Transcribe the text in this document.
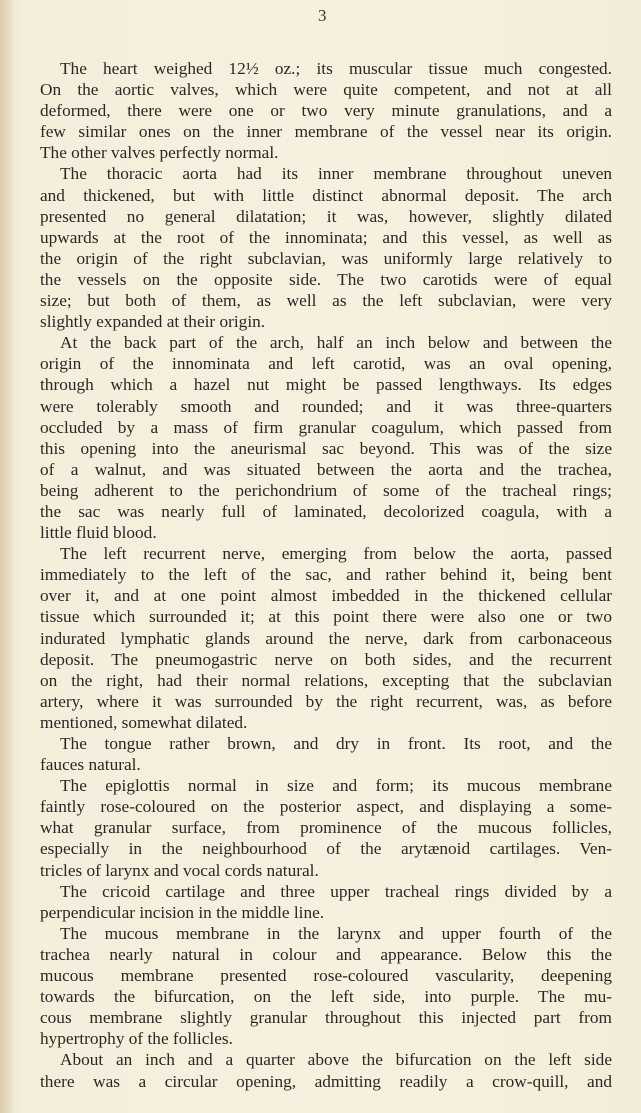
3

The heart weighed 12½ oz.; its muscular tissue much congested.
On the aortic valves, which were quite competent, and not at all
deformed, there were one or two very minute granulations, and a
few similar ones on the inner membrane of the vessel near its origin.
The other valves perfectly normal.

The thoracic aorta had its inner membrane throughout uneven
and thickened, but with little distinct abnormal deposit. The arch
presented no general dilatation; it was, however, slightly dilated
upwards at the root of the innominata; and this vessel, as well as
the origin of the right subclavian, was uniformly large relatively to
the vessels on the opposite side. The two carotids were of equal
size; but both of them, as well as the left subclavian, were very
slightly expanded at their origin.

At the back part of the arch, half an inch below and between the
origin of the innominata and left carotid, was an oval opening,
through which a hazel nut might be passed lengthways. Its edges
were tolerably smooth and rounded; and it was three-quarters
occluded by a mass of firm granular coagulum, which passed from
this opening into the aneurismal sac beyond. This was of the size
of a walnut, and was situated between the aorta and the trachea,
being adherent to the perichondrium of some of the tracheal rings;
the sac was nearly full of laminated, decolorized coagula, with a
little fluid blood.

The left recurrent nerve, emerging from below the aorta, passed
immediately to the left of the sac, and rather behind it, being bent
over it, and at one point almost imbedded in the thickened cellular
tissue which surrounded it; at this point there were also one or two
indurated lymphatic glands around the nerve, dark from carbonaceous
deposit. The pneumogastric nerve on both sides, and the recurrent
on the right, had their normal relations, excepting that the subclavian
artery, where it was surrounded by the right recurrent, was, as before
mentioned, somewhat dilated.

The tongue rather brown, and dry in front. Its root, and the
fauces natural.

The epiglottis normal in size and form; its mucous membrane
faintly rose-coloured on the posterior aspect, and displaying a some-
what granular surface, from prominence of the mucous follicles,
especially in the neighbourhood of the arytænoid cartilages. Ven-
tricles of larynx and vocal cords natural.

The cricoid cartilage and three upper tracheal rings divided by a
perpendicular incision in the middle line.

The mucous membrane in the larynx and upper fourth of the
trachea nearly natural in colour and appearance. Below this the
mucous membrane presented rose-coloured vascularity, deepening
towards the bifurcation, on the left side, into purple. The mu-
cous membrane slightly granular throughout this injected part from
hypertrophy of the follicles.

About an inch and a quarter above the bifurcation on the left side
there was a circular opening, admitting readily a crow-quill, and
